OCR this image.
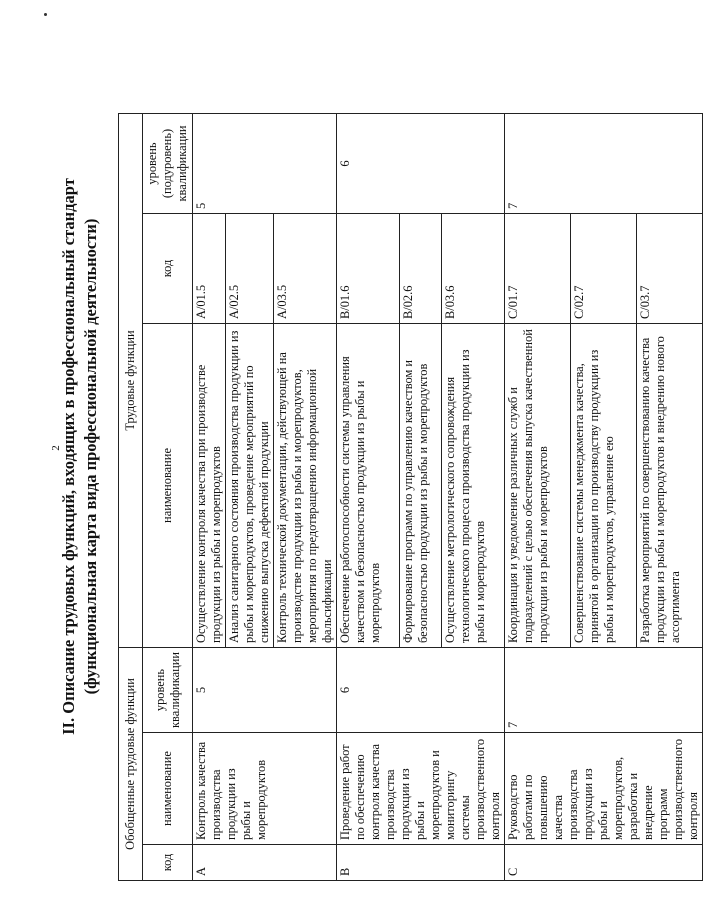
2
II. Описание трудовых функций, входящих в профессиональный стандарт (функциональная карта вида профессиональной деятельности)
Обобщенные трудовые функции			Трудовые функции		
код	наименование	уровень квалификации	наименование	код	уровень (подуровень) квалификации
A	Контроль качества производства продукции из рыбы и морепродуктов	5	Осуществление контроля качества при производстве продукции из рыбы и морепродуктов	A/01.5	5
			Анализ санитарного состояния производства продукции из рыбы и морепродуктов, проведение мероприятий по снижению выпуска дефектной продукции	A/02.5	
			Контроль технической документации, действующей на производстве продукции из рыбы и морепродуктов, мероприятия по предотвращению информационной фальсификации	A/03.5	
B	Проведение работ по обеспечению контроля качества производства продукции из рыбы и морепродуктов и мониторингу системы производственного контроля	6	Обеспечение работоспособности системы управления качеством и безопасностью продукции из рыбы и морепродуктов	B/01.6	6
			Формирование программ по управлению качеством и безопасностью продукции из рыбы и морепродуктов	B/02.6	
			Осуществление метрологического сопровождения технологического процесса производства продукции из рыбы и морепродуктов	B/03.6	
C	Руководство работами по повышению качества производства продукции из рыбы и морепродуктов, разработка и внедрение программ производственного контроля	7	Координация и уведомление различных служб и подразделений с целью обеспечения выпуска качественной продукции из рыбы и морепродуктов	C/01.7	7
			Совершенствование системы менеджмента качества, принятой в организации по производству продукции из рыбы и морепродуктов, управление ею	C/02.7	
			Разработка мероприятий по совершенствованию качества продукции из рыбы и морепродуктов и внедрению нового ассортимента	C/03.7	
